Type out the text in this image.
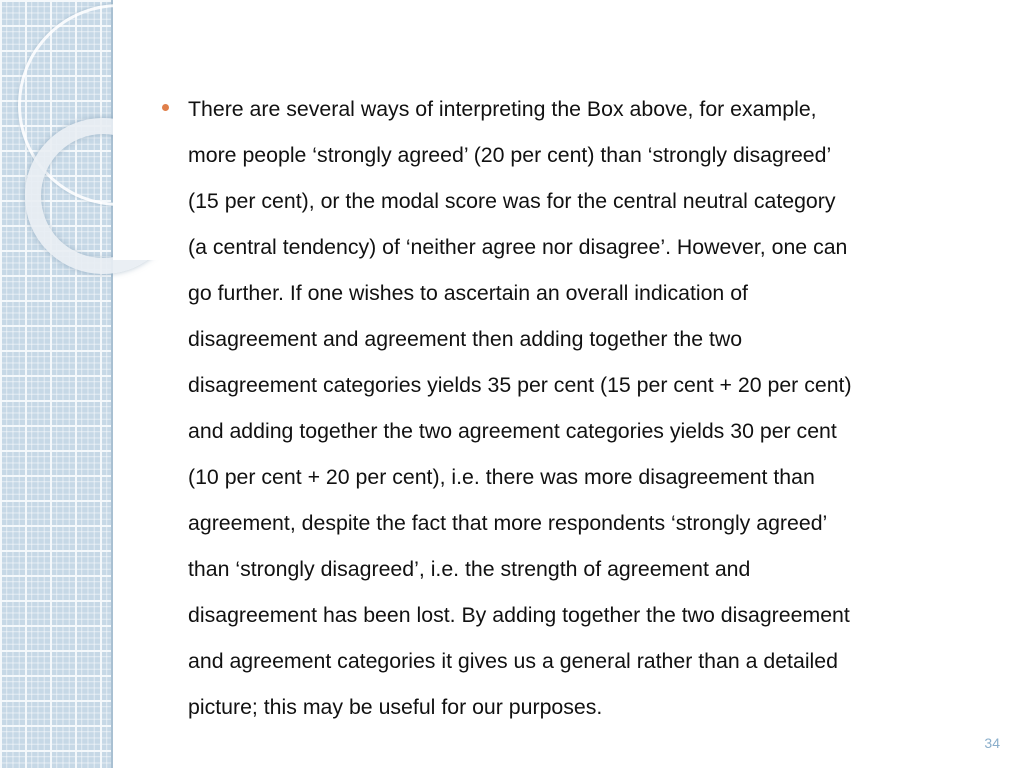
There are several ways of interpreting the Box above, for example,
more people ‘strongly agreed’ (20 per cent) than ‘strongly disagreed’
(15 per cent), or the modal score was for the central neutral category
(a central tendency) of ‘neither agree nor disagree’. However, one can
go further. If one wishes to ascertain an overall indication of
disagreement and agreement then adding together the two
disagreement categories yields 35 per cent (15 per cent + 20 per cent)
and adding together the two agreement categories yields 30 per cent
(10 per cent + 20 per cent), i.e. there was more disagreement than
agreement, despite the fact that more respondents ‘strongly agreed’
than ‘strongly disagreed’, i.e. the strength of agreement and
disagreement has been lost. By adding together the two disagreement
and agreement categories it gives us a general rather than a detailed
picture; this may be useful for our purposes.

34
